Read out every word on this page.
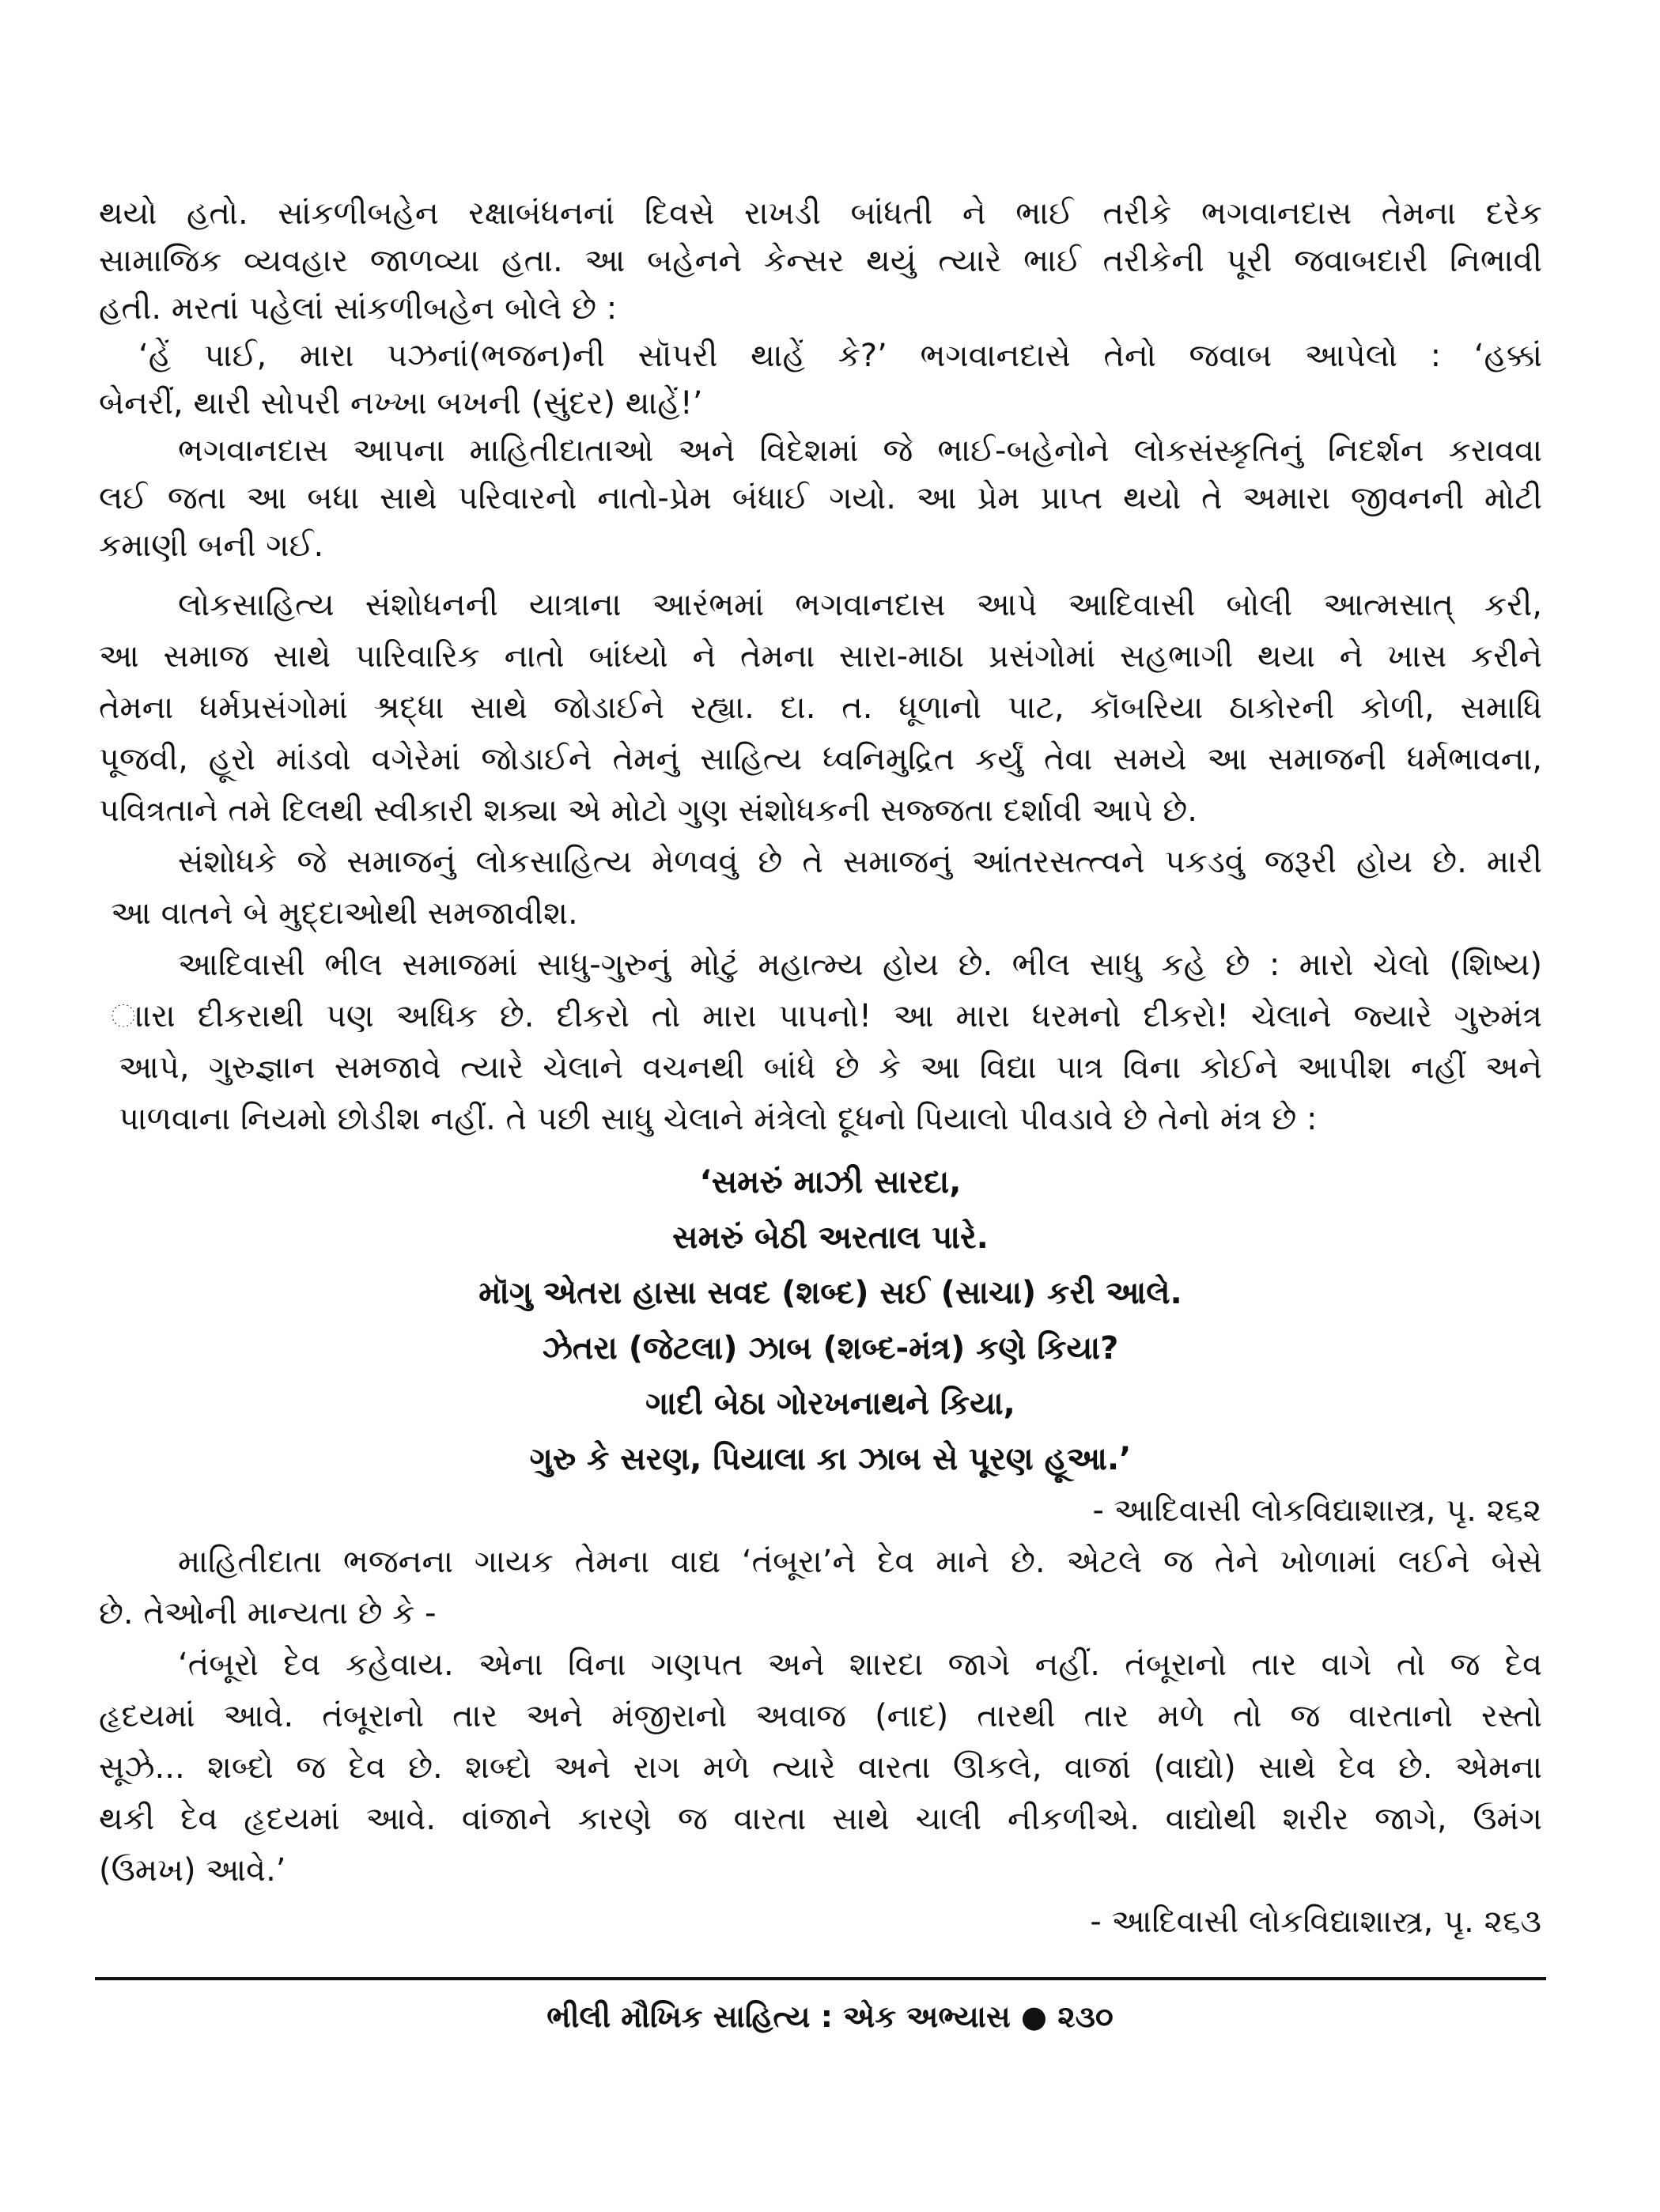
થયો હતો. સાંકળીબહેન રક્ષાબંધનનાં દિવસે રાખડી બાંધતી ને ભાઈ તરીકે ભગવાનદાસ તેમના દરેક
સામાજિક વ્યવહાર જાળવ્યા હતા. આ બહેનને કેન્સર થયું ત્યારે ભાઈ તરીકેની પૂરી જવાબદારી નિભાવી
હતી. મરતાં પહેલાં સાંકળીબહેન બોલે છે :
‘હેં પાઈ, મારા પઝનાં(ભજન)ની સૉપરી થાહેં કે?’ ભગવાનદાસે તેનો જવાબ આપેલો : ‘હક્કાં
બેનરીં, થારી સોપરી નખ્ખા બખની (સુંદર) થાહેં!’
ભગવાનદાસ આપના માહિતીદાતાઓ અને વિદેશમાં જે ભાઈ-બહેનોને લોકસંસ્કૃતિનું નિદર્શન કરાવવા
લઈ જતા આ બધા સાથે પરિવારનો નાતો-પ્રેમ બંધાઈ ગયો. આ પ્રેમ પ્રાપ્ત થયો તે અમારા જીવનની મોટી
કમાણી બની ગઈ.
લોકસાહિત્ય સંશોધનની યાત્રાના આરંભમાં ભગવાનદાસ આપે આદિવાસી બોલી આત્મસાત્ કરી,
આ સમાજ સાથે પારિવારિક નાતો બાંધ્યો ને તેમના સારા-માઠા પ્રસંગોમાં સહભાગી થયા ને ખાસ કરીને
તેમના ધર્મપ્રસંગોમાં શ્રદ્ધા સાથે જોડાઈને રહ્યા. દા. ત. ધૂળાનો પાટ, કૉબરિયા ઠાકોરની કોળી, સમાધિ
પૂજવી, હૂરો માંડવો વગેરેમાં જોડાઈને તેમનું સાહિત્ય ધ્વનિમુદ્રિત કર્યું તેવા સમયે આ સમાજની ધર્મભાવના,
પવિત્રતાને તમે દિલથી સ્વીકારી શક્યા એ મોટો ગુણ સંશોધકની સજ્જતા દર્શાવી આપે છે.
સંશોધકે જે સમાજનું લોકસાહિત્ય મેળવવું છે તે સમાજનું આંતરસત્ત્વને પકડવું જરૂરી હોય છે. મારી
આ વાતને બે મુદ્દાઓથી સમજાવીશ.
આદિવાસી ભીલ સમાજમાં સાધુ-ગુરુનું મોટું મહાત્મ્ય હોય છે. ભીલ સાધુ કહે છે : મારો ચેલો (શિષ્ય)
ાારા દીકરાથી પણ અધિક છે. દીકરો તો મારા પાપનો! આ મારા ધરમનો દીકરો! ચેલાને જ્યારે ગુરુમંત્ર
આપે, ગુરુજ્ઞાન સમજાવે ત્યારે ચેલાને વચનથી બાંધે છે કે આ વિદ્યા પાત્ર વિના કોઈને આપીશ નહીં અને
પાળવાના નિયમો છોડીશ નહીં. તે પછી સાધુ ચેલાને મંત્રેલો દૂધનો પિયાલો પીવડાવે છે તેનો મંત્ર છે :
‘સમરું માઝી સારદા,
સમરું બેઠી અરતાલ પારે.
મૉગુ એતરા હાસા સવદ (શબ્દ) સઈ (સાચા) કરી આલે.
ઝેતરા (જેટલા) ઝાબ (શબ્દ-મંત્ર) કણે કિયા?
ગાદી બેઠા ગોરખનાથને કિયા,
ગુરુ કે સરણ, પિયાલા કા ઝાબ સે પૂરણ હૂઆ.’
- આદિવાસી લોકવિદ્યાશાસ્ત્ર, પૃ. ૨૬૨
માહિતીદાતા ભજનના ગાયક તેમના વાદ્ય ‘તંબૂરા’ને દેવ માને છે. એટલે જ તેને ખોળામાં લઈને બેસે
છે. તેઓની માન્યતા છે કે -
‘તંબૂરો દેવ કહેવાય. એના વિના ગણપત અને શારદા જાગે નહીં. તંબૂરાનો તાર વાગે તો જ દેવ
હૃદયમાં આવે. તંબૂરાનો તાર અને મંજીરાનો અવાજ (નાદ) તારથી તાર મળે તો જ વારતાનો રસ્તો
સૂઝે... શબ્દો જ દેવ છે. શબ્દો અને રાગ મળે ત્યારે વારતા ઊકલે, વાજાં (વાદ્યો) સાથે દેવ છે. એમના
થકી દેવ હૃદયમાં આવે. વાંજાને કારણે જ વારતા સાથે ચાલી નીકળીએ. વાદ્યોથી શરીર જાગે, ઉમંગ
(ઉમખ) આવે.’
- આદિવાસી લોકવિદ્યાશાસ્ત્ર, પૃ. ૨૬૩
ભીલી મૌખિક સાહિત્ય : એક અભ્યાસ ● ૨૩૦
